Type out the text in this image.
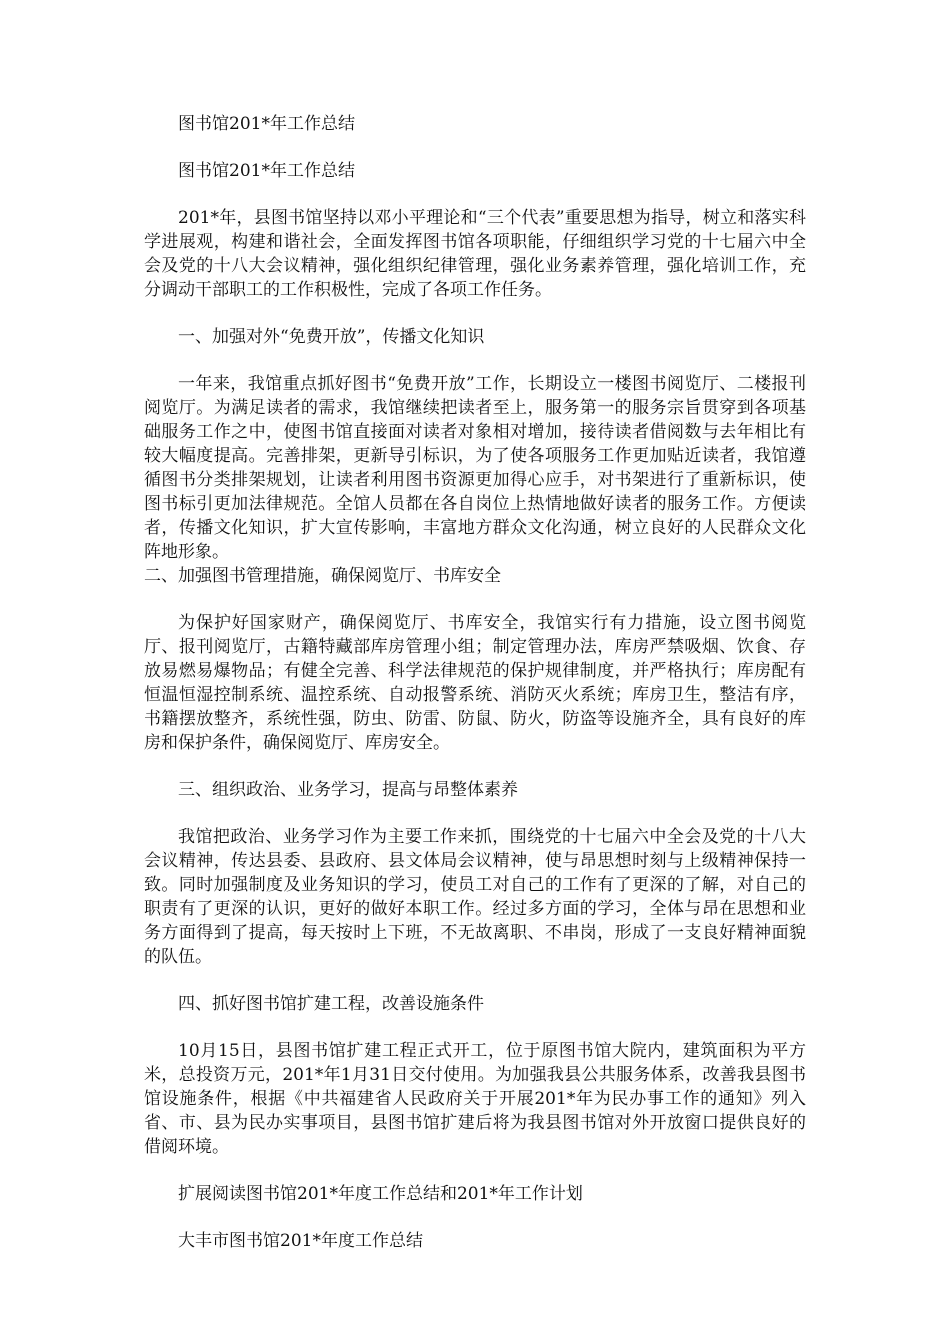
图书馆201*年工作总结

图书馆201*年工作总结

201*年，县图书馆坚持以邓小平理论和“三个代表”重要思想为指导，树立和落实科学进展观，构建和谐社会，全面发挥图书馆各项职能，仔细组织学习党的十七届六中全会及党的十八大会议精神，强化组织纪律管理，强化业务素养管理，强化培训工作，充分调动干部职工的工作积极性，完成了各项工作任务。

一、加强对外“免费开放”，传播文化知识

一年来，我馆重点抓好图书“免费开放”工作，长期设立一楼图书阅览厅、二楼报刊阅览厅。为满足读者的需求，我馆继续把读者至上，服务第一的服务宗旨贯穿到各项基础服务工作之中，使图书馆直接面对读者对象相对增加，接待读者借阅数与去年相比有较大幅度提高。完善排架，更新导引标识，为了使各项服务工作更加贴近读者，我馆遵循图书分类排架规划，让读者利用图书资源更加得心应手，对书架进行了重新标识，使图书标引更加法律规范。全馆人员都在各自岗位上热情地做好读者的服务工作。方便读者，传播文化知识，扩大宣传影响，丰富地方群众文化沟通，树立良好的人民群众文化阵地形象。

二、加强图书管理措施，确保阅览厅、书库安全

为保护好国家财产，确保阅览厅、书库安全，我馆实行有力措施，设立图书阅览厅、报刊阅览厅，古籍特藏部库房管理小组；制定管理办法，库房严禁吸烟、饮食、存放易燃易爆物品；有健全完善、科学法律规范的保护规律制度，并严格执行；库房配有恒温恒湿控制系统、温控系统、自动报警系统、消防灭火系统；库房卫生，整洁有序，书籍摆放整齐，系统性强，防虫、防雷、防鼠、防火，防盗等设施齐全，具有良好的库房和保护条件，确保阅览厅、库房安全。

三、组织政治、业务学习，提高与昂整体素养

我馆把政治、业务学习作为主要工作来抓，围绕党的十七届六中全会及党的十八大会议精神，传达县委、县政府、县文体局会议精神，使与昂思想时刻与上级精神保持一致。同时加强制度及业务知识的学习，使员工对自己的工作有了更深的了解，对自己的职责有了更深的认识，更好的做好本职工作。经过多方面的学习，全体与昂在思想和业务方面得到了提高，每天按时上下班，不无故离职、不串岗，形成了一支良好精神面貌的队伍。

四、抓好图书馆扩建工程，改善设施条件

10月15日，县图书馆扩建工程正式开工，位于原图书馆大院内，建筑面积为平方米，总投资万元，201*年1月31日交付使用。为加强我县公共服务体系，改善我县图书馆设施条件，根据《中共福建省人民政府关于开展201*年为民办事工作的通知》列入省、市、县为民办实事项目，县图书馆扩建后将为我县图书馆对外开放窗口提供良好的借阅环境。

扩展阅读图书馆201*年度工作总结和201*年工作计划

大丰市图书馆201*年度工作总结
